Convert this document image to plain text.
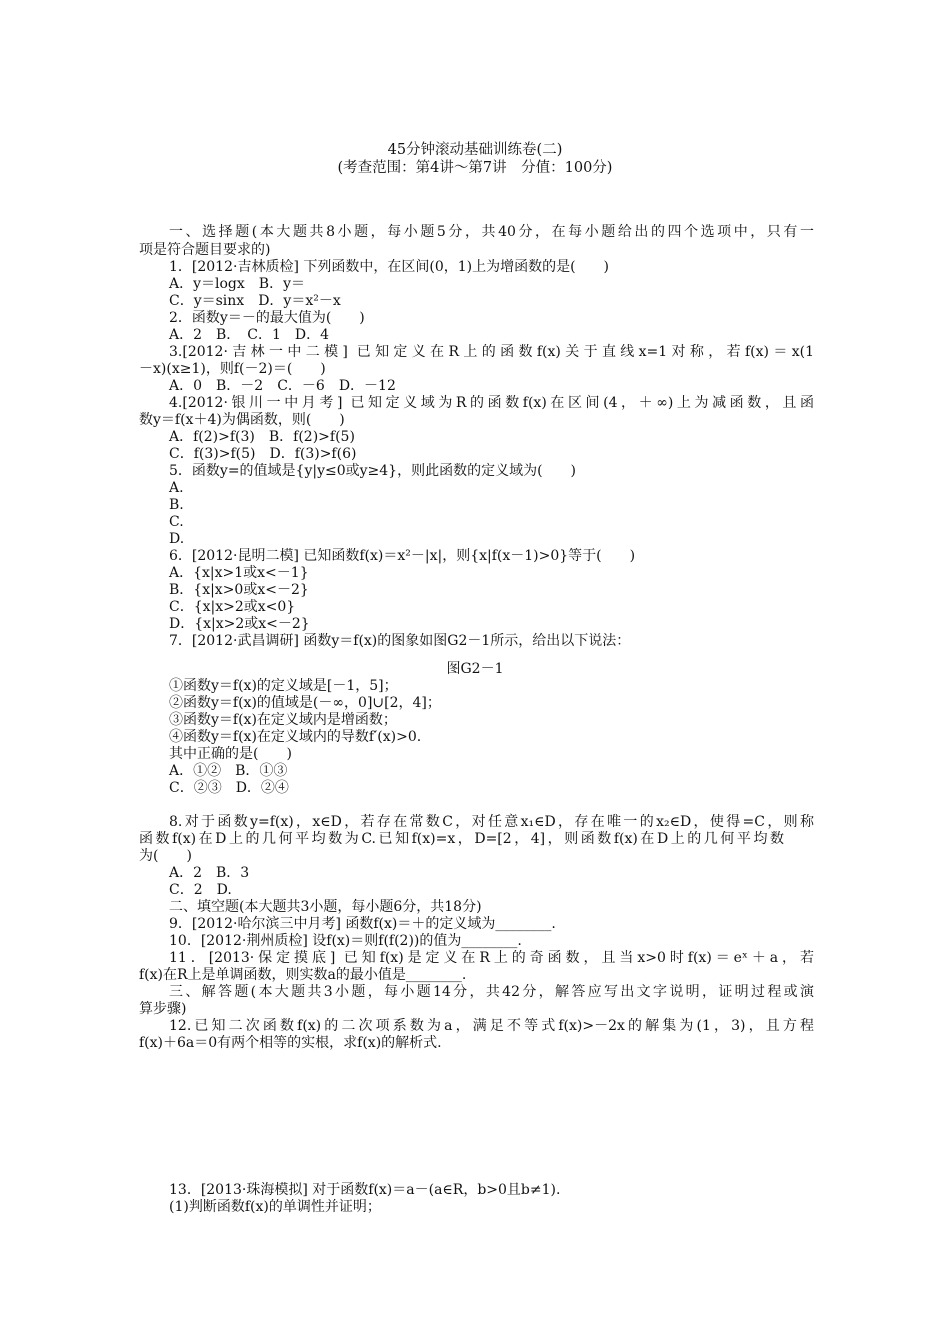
45分钟滚动基础训练卷(二)
(考查范围：第4讲～第7讲　分值：100分)
一、选择题(本大题共8小题，每小题5分，共40分，在每小题给出的四个选项中，只有一
项是符合题目要求的)
1．[2012·吉林质检] 下列函数中，在区间(0，1)上为增函数的是(　　)
A．y＝logx　B．y＝
C．y＝sinx　D．y＝x²－x
2．函数y＝－的最大值为(　　)
A．2　B．　C．1　D．4
3.[2012·吉林一中二模] 已知定义在R上的函数f(x)关于直线x=1对称，若f(x)＝x(1
－x)(x≥1)，则f(－2)＝(　　)
A．0　B．－2　C．－6　D．－12
4.[2012·银川一中月考] 已知定义域为R的函数f(x)在区间(4，＋∞)上为减函数，且函
数y＝f(x＋4)为偶函数，则(　　)
A．f(2)>f(3)　B．f(2)>f(5)
C．f(3)>f(5)　D．f(3)>f(6)
5．函数y=的值域是{y|y≤0或y≥4}，则此函数的定义域为(　　)
A.
B.
C.
D.
6．[2012·昆明二模] 已知函数f(x)＝x²－|x|，则{x|f(x－1)>0}等于(　　)
A．{x|x>1或x<－1}
B．{x|x>0或x<－2}
C．{x|x>2或x<0}
D．{x|x>2或x<－2}
7．[2012·武昌调研] 函数y＝f(x)的图象如图G2－1所示，给出以下说法：
①函数y＝f(x)的定义域是[－1，5]；
②函数y＝f(x)的值域是(－∞，0]∪[2，4]；
③函数y＝f(x)在定义域内是增函数；
④函数y＝f(x)在定义域内的导数f′(x)>0.
其中正确的是(　　)
A．①②　B．①③
C．②③　D．②④
8.对于函数y=f(x)，x∈D，若存在常数C，对任意x₁∈D，存在唯一的x₂∈D，使得=C，则称
函数f(x)在D上的几何平均数为C.已知f(x)=x，D=[2，4]，则函数f(x)在D上的几何平均数
为(　　)
A．2　B．3
C．2　D.
二、填空题(本大题共3小题，每小题6分，共18分)
9．[2012·哈尔滨三中月考] 函数f(x)＝＋的定义域为________.
10．[2012·荆州质检] 设f(x)＝则f(f(2))的值为________.
11．[2013·保定摸底] 已知f(x)是定义在R上的奇函数，且当x>0时f(x)＝eˣ＋a，若
f(x)在R上是单调函数，则实数a的最小值是________.
三、解答题(本大题共3小题，每小题14分，共42分，解答应写出文字说明，证明过程或演
算步骤)
12.已知二次函数f(x)的二次项系数为a，满足不等式f(x)>－2x的解集为(1，3)，且方程
f(x)＋6a＝0有两个相等的实根，求f(x)的解析式.
13．[2013·珠海模拟] 对于函数f(x)＝a－(a∈R，b>0且b≠1).
(1)判断函数f(x)的单调性并证明；
图G2－1
